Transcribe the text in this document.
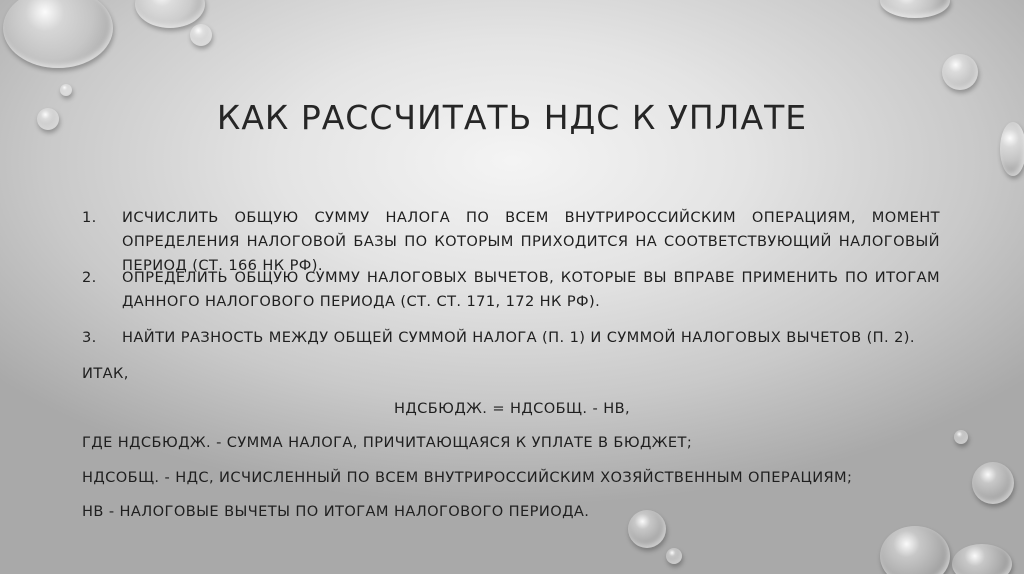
КАК РАССЧИТАТЬ НДС К УПЛАТЕ
1.	ИСЧИСЛИТЬ ОБЩУЮ СУММУ НАЛОГА ПО ВСЕМ ВНУТРИРОССИЙСКИМ ОПЕРАЦИЯМ, МОМЕНТ ОПРЕДЕЛЕНИЯ НАЛОГОВОЙ БАЗЫ ПО КОТОРЫМ ПРИХОДИТСЯ НА СООТВЕТСТВУЮЩИЙ НАЛОГОВЫЙ ПЕРИОД (СТ. 166 НК РФ).
2.	ОПРЕДЕЛИТЬ ОБЩУЮ СУММУ НАЛОГОВЫХ ВЫЧЕТОВ, КОТОРЫЕ ВЫ ВПРАВЕ ПРИМЕНИТЬ ПО ИТОГАМ ДАННОГО НАЛОГОВОГО ПЕРИОДА (СТ. СТ. 171, 172 НК РФ).
3.	НАЙТИ РАЗНОСТЬ МЕЖДУ ОБЩЕЙ СУММОЙ НАЛОГА (П. 1) И СУММОЙ НАЛОГОВЫХ ВЫЧЕТОВ (П. 2).
ИТАК,
НДСБЮДЖ. = НДСОБЩ. - НВ,
ГДЕ НДСБЮДЖ. - СУММА НАЛОГА, ПРИЧИТАЮЩАЯСЯ К УПЛАТЕ В БЮДЖЕТ;
НДСОБЩ. - НДС, ИСЧИСЛЕННЫЙ ПО ВСЕМ ВНУТРИРОССИЙСКИМ ХОЗЯЙСТВЕННЫМ ОПЕРАЦИЯМ;
НВ - НАЛОГОВЫЕ ВЫЧЕТЫ ПО ИТОГАМ НАЛОГОВОГО ПЕРИОДА.
